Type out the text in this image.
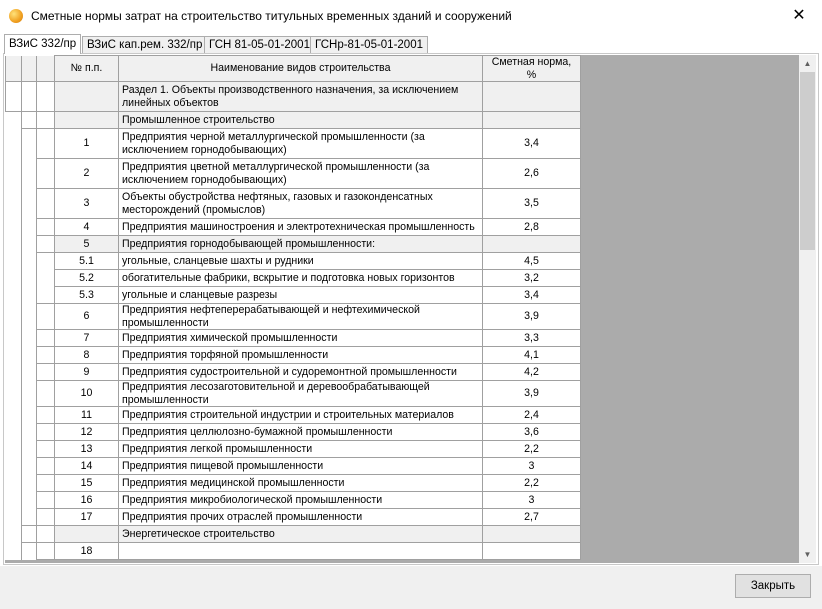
Сметные нормы затрат на строительство титульных временных зданий и сооружений	✕
ВЗиС 332/пр ВЗиС кап.рем. 332/пр ГСН 81-05-01-2001 ГСНр-81-05-01-2001
			№ п.п.	Наименование видов строительства	Сметная норма, %
				Раздел 1. Объекты производственного назначения, за исключением линейных объектов	
				Промышленное строительство	
			1	Предприятия черной металлургической промышленности (за исключением горнодобывающих)	3,4
			2	Предприятия цветной металлургической промышленности (за исключением горнодобывающих)	2,6
			3	Объекты обустройства нефтяных, газовых и газоконденсатных месторождений (промыслов)	3,5
			4	Предприятия машиностроения и электротехническая промышленность	2,8
			5	Предприятия горнодобывающей промышленности:	
			5.1	угольные, сланцевые шахты и рудники	4,5
			5.2	обогатительные фабрики, вскрытие и подготовка новых горизонтов	3,2
			5.3	угольные и сланцевые разрезы	3,4
			6	Предприятия нефтеперерабатывающей и нефтехимической промышленности	3,9
			7	Предприятия химической промышленности	3,3
			8	Предприятия торфяной промышленности	4,1
			9	Предприятия судостроительной и судоремонтной промышленности	4,2
			10	Предприятия лесозаготовительной и деревообрабатывающей промышленности	3,9
			11	Предприятия строительной индустрии и строительных материалов	2,4
			12	Предприятия целлюлозно-бумажной промышленности	3,6
			13	Предприятия легкой промышленности	2,2
			14	Предприятия пищевой промышленности	3
			15	Предприятия медицинской промышленности	2,2
			16	Предприятия микробиологической промышленности	3
			17	Предприятия прочих отраслей промышленности	2,7
				Энергетическое строительство	
			18		
▲
▼
Закрыть
